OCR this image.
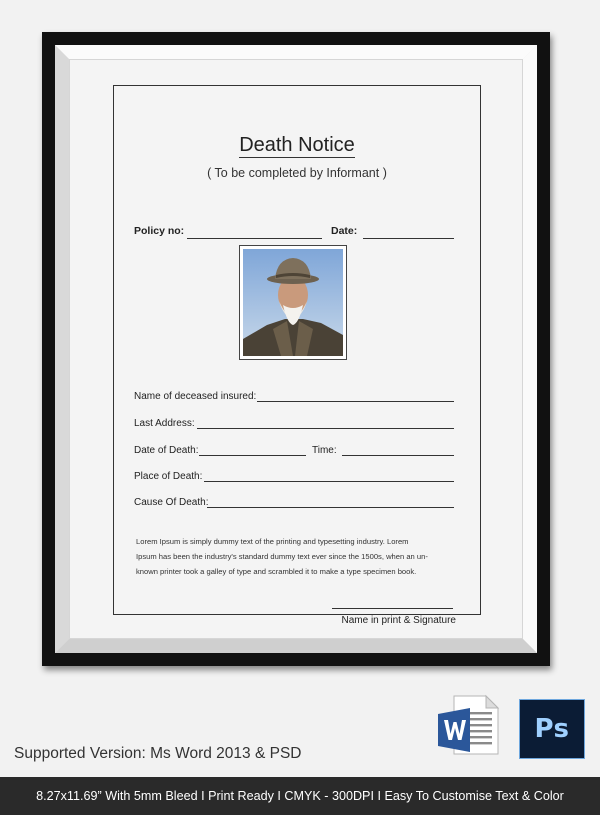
Death Notice
( To be completed by Informant )
Policy no:	Date:
Name of deceased insured:
Last Address:
Date of Death:	Time:
Place of Death:
Cause Of Death:
Lorem Ipsum is simply dummy text of the printing and typesetting industry. Lorem
Ipsum has been the industry's standard dummy text ever since the 1500s, when an un-
known printer took a galley of type and scrambled it to make a type specimen book.
Name in print & Signature
Supported Version: Ms Word 2013 & PSD
Ps
8.27x11.69” With 5mm Bleed I Print Ready I CMYK - 300DPI I Easy To Customise Text & Color
